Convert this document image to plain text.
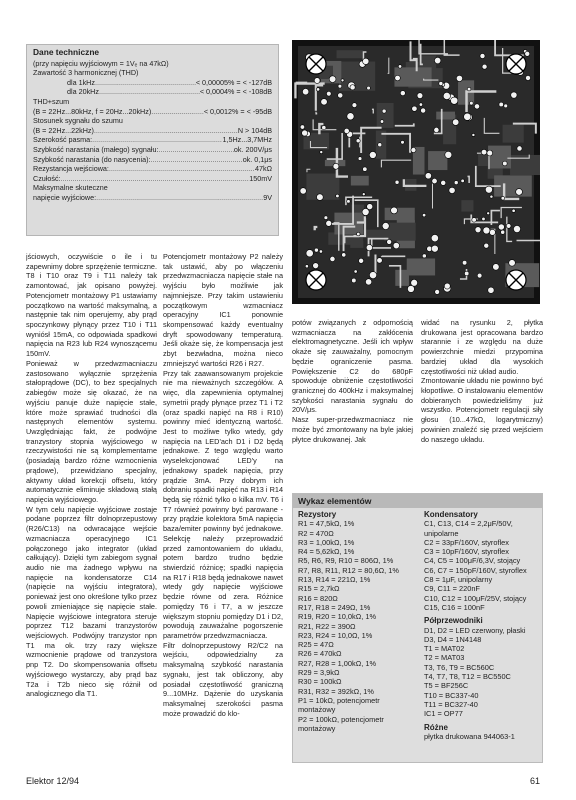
Dane techniczne
(przy napięciu wyjściowym = 1Vₑ na 47kΩ)
Zawartość 3 harmonicznej (THD)
dla 1kHz .....	< 0,00005% = < -127dB
dla 20kHz .....	< 0,0004% = < -108dB
THD+szum
(B = 22Hz...80kHz, f = 20Hz...20kHz) .....	< 0,0012% = < -95dB
Stosunek sygnału do szumu
(B = 22Hz...22kHz) .....	N > 104dB
Szerokość pasma: .....	1,5Hz...3,7MHz
Szybkość narastania (małego) sygnału: .....	ok. 200V/μs
Szybkość narastania (do nasycenia): .....	ok. 0,1μs
Rezystancja wejściowa: .....	47kΩ
Czułość: .....	150mV
Maksymalne skuteczne
napięcie wyjściowe: .....	9V

jściowych, oczywiście o ile i tu zapewnimy dobre sprzężenie termiczne. T8 i T10 oraz T9 i T11 należy tak zamontować, jak opisano powyżej. Potencjometr montażowy P1 ustawiamy początkowo na wartość maksymalną, a następnie tak nim operujemy, aby prąd spoczynkowy płynący przez T10 i T11 wyniósł 15mA, co odpowiada spadkowi napięcia na R23 lub R24 wynoszącemu 150mV.

Ponieważ w przedwzmacniaczu zastosowano wyłącznie sprzężenia stałoprądowe (DC), to bez specjalnych zabiegów może się okazać, że na wyjściu panuje duże napięcie stałe, które może sprawiać trudności dla następnych elementów systemu. Uwzględniając fakt, że podwójne tranzystory stopnia wyjściowego w rzeczywistości nie są komplementarne (posiadają bardzo różne wzmocnienia prądowe), przewidziano specjalny, aktywny układ korekcji offsetu, który automatycznie eliminuje składową stałą napięcia wyjściowego.

W tym celu napięcie wyjściowe zostaje podane poprzez filtr dolnoprzepustowy (R26/C13) na odwracające wejście wzmacniacza operacyjnego IC1 połączonego jako integrator (układ całkujący). Dzięki tym zabiegom sygnał audio nie ma żadnego wpływu na napięcie na kondensatorze C14 (napięcie na wyjściu integratora), ponieważ jest ono określone tylko przez powoli zmieniające się napięcie stałe. Napięcie wyjściowe integratora steruje poprzez T12 bazami tranzystorów wejściowych. Podwójny tranzystor npn T1 ma ok. trzy razy większe wzmocnienie prądowe od tranzystora pnp T2. Do skompensowania offsetu wyjściowego wystarczy, aby prąd baz T2a i T2b nieco się różnił od analogicznego dla T1.

Potencjometr montażowy P2 należy tak ustawić, aby po włączeniu przedwzmacniacza napięcie stałe na wyjściu było możliwie jak najmniejsze. Przy takim ustawieniu początkowym wzmacniacz operacyjny IC1 ponownie skompensować każdy eventualny dryft spowodowany temperaturą. Jeśli okaże się, że kompensacja jest zbyt bezwładna, można nieco zmniejszyć wartości R26 i R27.

Przy tak zaawansowanym projekcie nie ma nieważnych szczegółów. A więc, dla zapewnienia optymalnej symetrii prądy płynące przez T1 i T2 (oraz spadki napięć na R8 i R10) powinny mieć identyczną wartość. Jest to możliwe tylko wtedy, gdy napięcia na LED'ach D1 i D2 będą jednakowe. Z tego względu warto wyselekcjonować LED'y na jednakowy spadek napięcia, przy prądzie 3mA. Przy dobrym ich dobraniu spadki napięć na R13 i R14 będą się różnić tylko o kilka mV. T6 i T7 również powinny być parowane - przy prądzie kolektora 5mA napięcia baza/emiter powinny być jednakowe. Selekcję należy przeprowadzić przed zamontowaniem do układu, potem bardzo trudno będzie stwierdzić różnicę; spadki napięcia na R17 i R18 będą jednakowe nawet wtedy gdy napięcie wyjściowe będzie równe od zera. Różnice pomiędzy T6 i T7, a w jeszcze większym stopniu pomiędzy D1 i D2, powodują zauważalne pogorszenie parametrów przedwzmacniacza.

Filtr dolnoprzepustowy R2/C2 na wejściu, odpowiedzialny za maksymalną szybkość narastania sygnału, jest tak obliczony, aby posiadał częstotliwość graniczną 9...10MHz. Dążenie do uzyskania maksymalnej szerokości pasma może prowadzić do klo-

potów związanych z odpornością wzmacniacza na zakłócenia elektromagnetyczne. Jeśli ich wpływ okaże się zauważalny, pomocnym będzie ograniczenie pasma. Powiększenie C2 do 680pF spowoduje obniżenie częstotliwości granicznej do 400kHz i maksymalnej szybkości narastania sygnału do 20V/μs.

Nasz super-przedwzmacniacz nie może być zmontowany na byle jakiej płytce drukowanej. Jak

widać na rysunku 2, płytka drukowana jest opracowana bardzo starannie i ze względu na duże powierzchnie miedzi przypomina bardziej układ dla wysokich częstotliwości niż układ audio.

Zmontowanie układu nie powinno być kłopotliwe. O instalowaniu elementów dobieranych powiedzieliśmy już wszystko. Potencjometr regulacji siły głosu (10...47kΩ, logarytmiczny) powinien znaleźć się przed wejściem do naszego układu.

Wykaz elementów
Rezystory
R1 = 47,5kΩ, 1%
R2 = 470Ω
R3 = 1,00kΩ, 1%
R4 = 5,62kΩ, 1%
R5, R6, R9, R10 = 806Ω, 1%
R7, R8, R11, R12 = 80,6Ω, 1%
R13, R14 = 221Ω, 1%
R15 = 2,7kΩ
R16 = 820Ω
R17, R18 = 249Ω, 1%
R19, R20 = 10,0kΩ, 1%
R21, R22 = 390Ω
R23, R24 = 10,0Ω, 1%
R25 = 47Ω
R26 = 470kΩ
R27, R28 = 1,00kΩ, 1%
R29 = 3,9kΩ
R30 = 100kΩ
R31, R32 = 392kΩ, 1%
P1 = 10kΩ, potencjometr
montażowy
P2 = 100kΩ, potencjometr
montażowy
Kondensatory
C1, C13, C14 = 2,2μF/50V,
unipolarne
C2 = 33pF/160V, styroflex
C3 = 10pF/160V, styroflex
C4, C5 = 100μF/6,3V, stojący
C6, C7 = 150pF/160V, styroflex
C8 = 1μF, unipolarny
C9, C11 = 220nF
C10, C12 = 100μF/25V, stojący
C15, C16 = 100nF
Półprzewodniki
D1, D2 = LED czerwony, płaski
D3, D4 = 1N4148
T1 = MAT02
T2 = MAT03
T3, T6, T9 = BC560C
T4, T7, T8, T12 = BC550C
T5 = BF256C
T10 = BC337-40
T11 = BC327-40
IC1 = OP77
Różne
płytka drukowana 944063-1
Elektor 12/94	61
